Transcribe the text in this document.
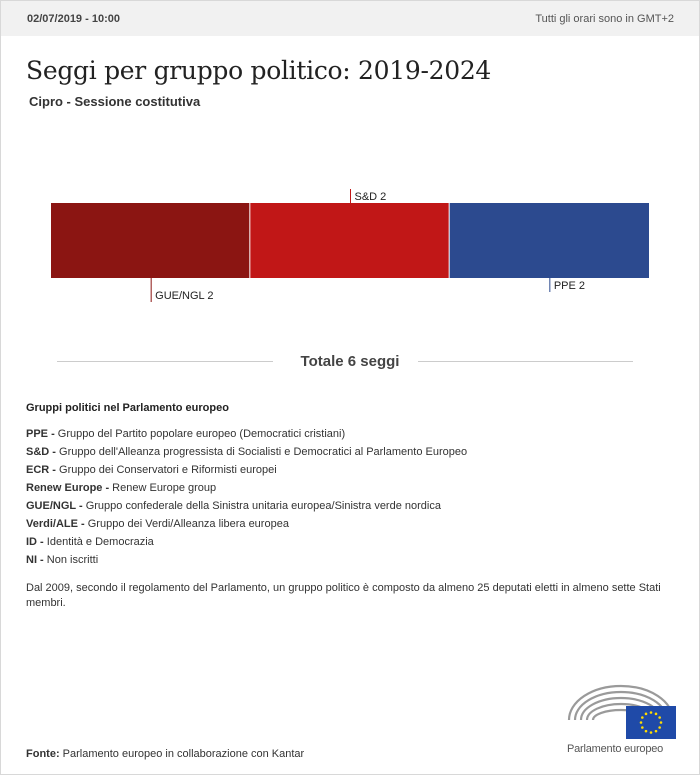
02/07/2019 - 10:00	Tutti gli orari sono in GMT+2
Seggi per gruppo politico: 2019-2024
Cipro - Sessione costitutiva
GUE/NGL 2
S&D 2
PPE 2
Totale 6 seggi
Gruppi politici nel Parlamento europeo
PPE - Gruppo del Partito popolare europeo (Democratici cristiani)
S&D - Gruppo dell'Alleanza progressista di Socialisti e Democratici al Parlamento Europeo
ECR - Gruppo dei Conservatori e Riformisti europei
Renew Europe - Renew Europe group
GUE/NGL - Gruppo confederale della Sinistra unitaria europea/Sinistra verde nordica
Verdi/ALE - Gruppo dei Verdi/Alleanza libera europea
ID - Identità e Democrazia
NI - Non iscritti
Dal 2009, secondo il regolamento del Parlamento, un gruppo politico è composto da almeno 25 deputati eletti in almeno sette Stati membri.
Fonte: Parlamento europeo in collaborazione con Kantar	Parlamento europeo
